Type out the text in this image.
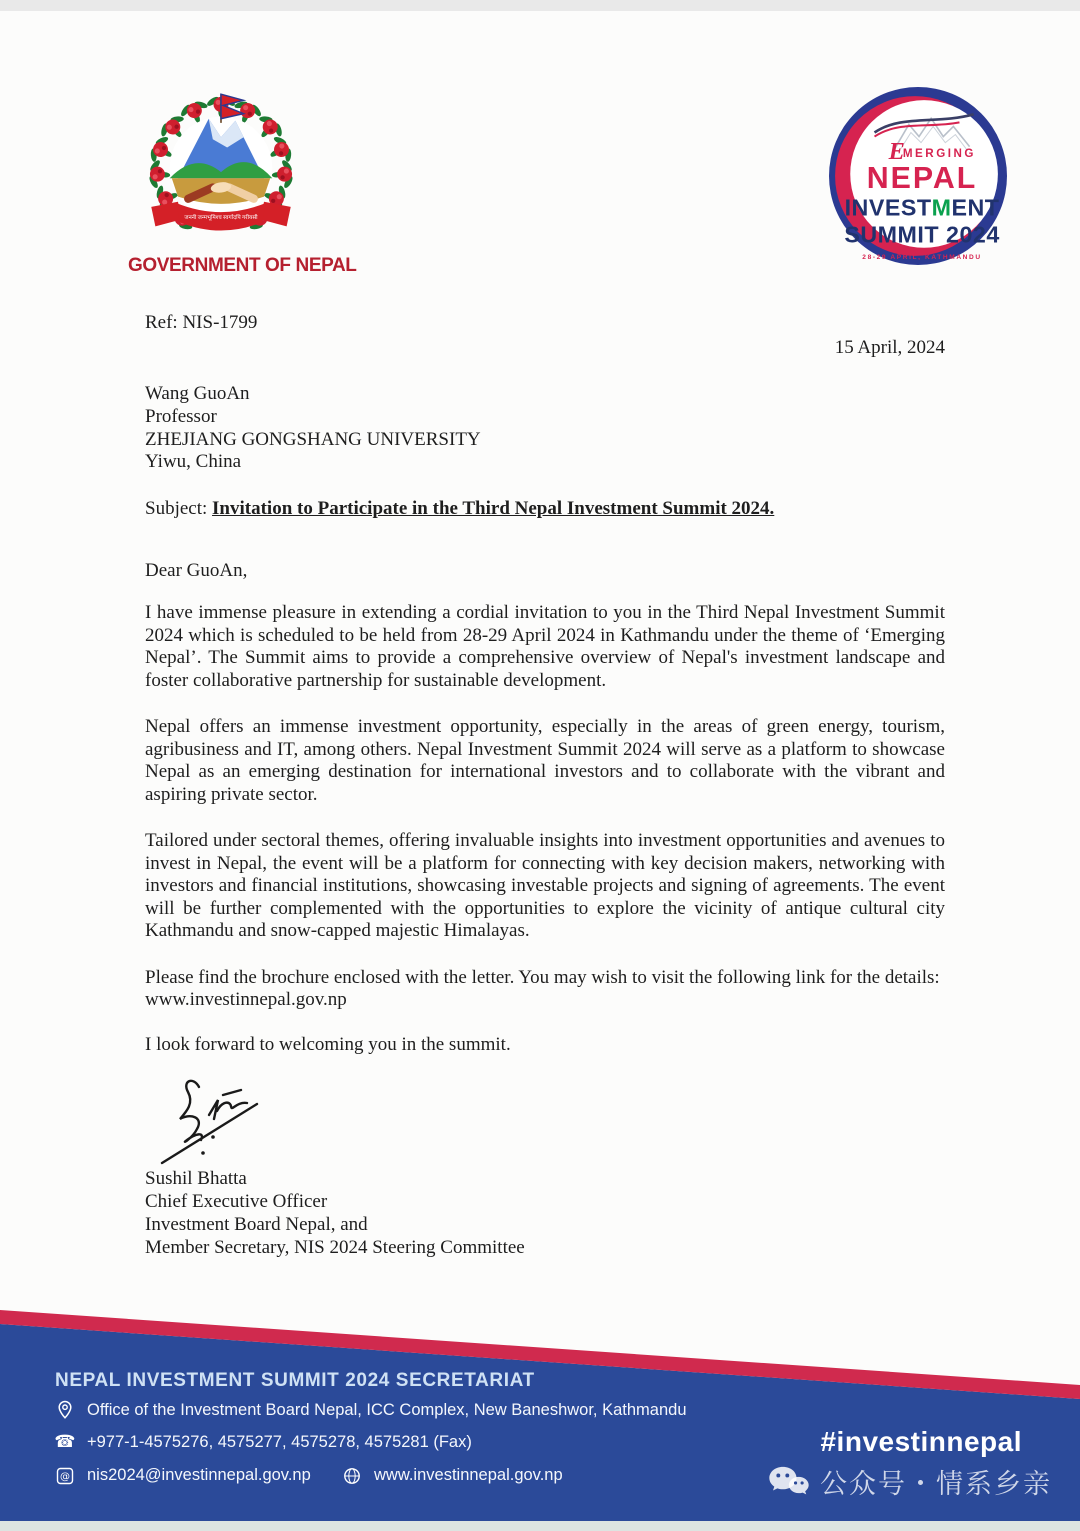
जननी जन्मभूमिश्च स्वर्गादपि गरीयसी
GOVERNMENT OF NEPAL
E
MERGING
NEPAL
INVESTMENT
SUMMIT 2024
28-29 APRIL, KATHMANDU
Ref: NIS-1799
15 April, 2024
Wang GuoAn
Professor
ZHEJIANG GONGSHANG UNIVERSITY
Yiwu, China
Subject: Invitation to Participate in the Third Nepal Investment Summit 2024.
Dear GuoAn,

I have immense pleasure in extending a cordial invitation to you in the Third Nepal Investment Summit 2024 which is scheduled to be held from 28-29 April 2024 in Kathmandu under the theme of ‘Emerging Nepal’. The Summit aims to provide a comprehensive overview of Nepal's investment landscape and foster collaborative partnership for sustainable development.

Nepal offers an immense investment opportunity, especially in the areas of green energy, tourism, agribusiness and IT, among others. Nepal Investment Summit 2024 will serve as a platform to showcase Nepal as an emerging destination for international investors and to collaborate with the vibrant and aspiring private sector.

Tailored under sectoral themes, offering invaluable insights into investment opportunities and avenues to invest in Nepal, the event will be a platform for connecting with key decision makers, networking with investors and financial institutions, showcasing investable projects and signing of agreements. The event will be further complemented with the opportunities to explore the vicinity of antique cultural city Kathmandu and snow-capped majestic Himalayas.

Please find the brochure enclosed with the letter. You may wish to visit the following link for the details:
www.investinnepal.gov.np

I look forward to welcoming you in the summit.

Sushil Bhatta
Chief Executive Officer
Investment Board Nepal, and
Member Secretary, NIS 2024 Steering Committee
NEPAL INVESTMENT SUMMIT 2024 SECRETARIAT
Office of the Investment Board Nepal, ICC Complex, New Baneshwor, Kathmandu
☎ +977-1-4575276, 4575277, 4575278, 4575281 (Fax)
@ nis2024@investinnepal.gov.np	www.investinnepal.gov.np
#investinnepal
公众号・情系乡亲
